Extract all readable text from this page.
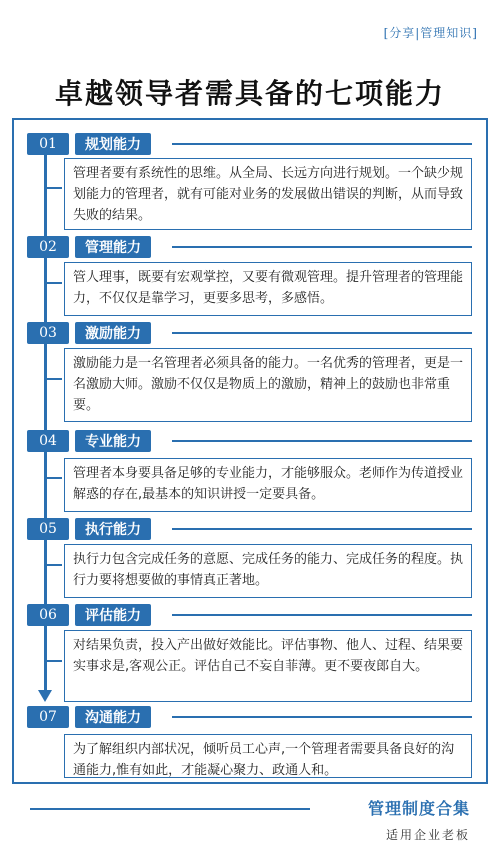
[分享|管理知识]
卓越领导者需具备的七项能力
01	规划能力
管理者要有系统性的思维。从全局、长远方向进行规划。一个缺少规划能力的管理者，就有可能对业务的发展做出错误的判断，从而导致失败的结果。
02	管理能力
管人理事，既要有宏观掌控，又要有微观管理。提升管理者的管理能力，不仅仅是靠学习，更要多思考，多感悟。
03	激励能力
激励能力是一名管理者必须具备的能力。一名优秀的管理者，更是一名激励大师。激励不仅仅是物质上的激励，精神上的鼓励也非常重要。
04	专业能力
管理者本身要具备足够的专业能力，才能够服众。老师作为传道授业解惑的存在,最基本的知识讲授一定要具备。
05	执行能力
执行力包含完成任务的意愿、完成任务的能力、完成任务的程度。执行力要将想要做的事情真正著地。
06	评估能力
对结果负责，投入产出做好效能比。评估事物、他人、过程、结果要实事求是,客观公正。评估自己不妄自菲薄。更不要夜郎自大。
07	沟通能力
为了解组织内部状况，倾听员工心声,一个管理者需要具备良好的沟通能力,惟有如此，才能凝心聚力、政通人和。
管理制度合集
适用企业老板
